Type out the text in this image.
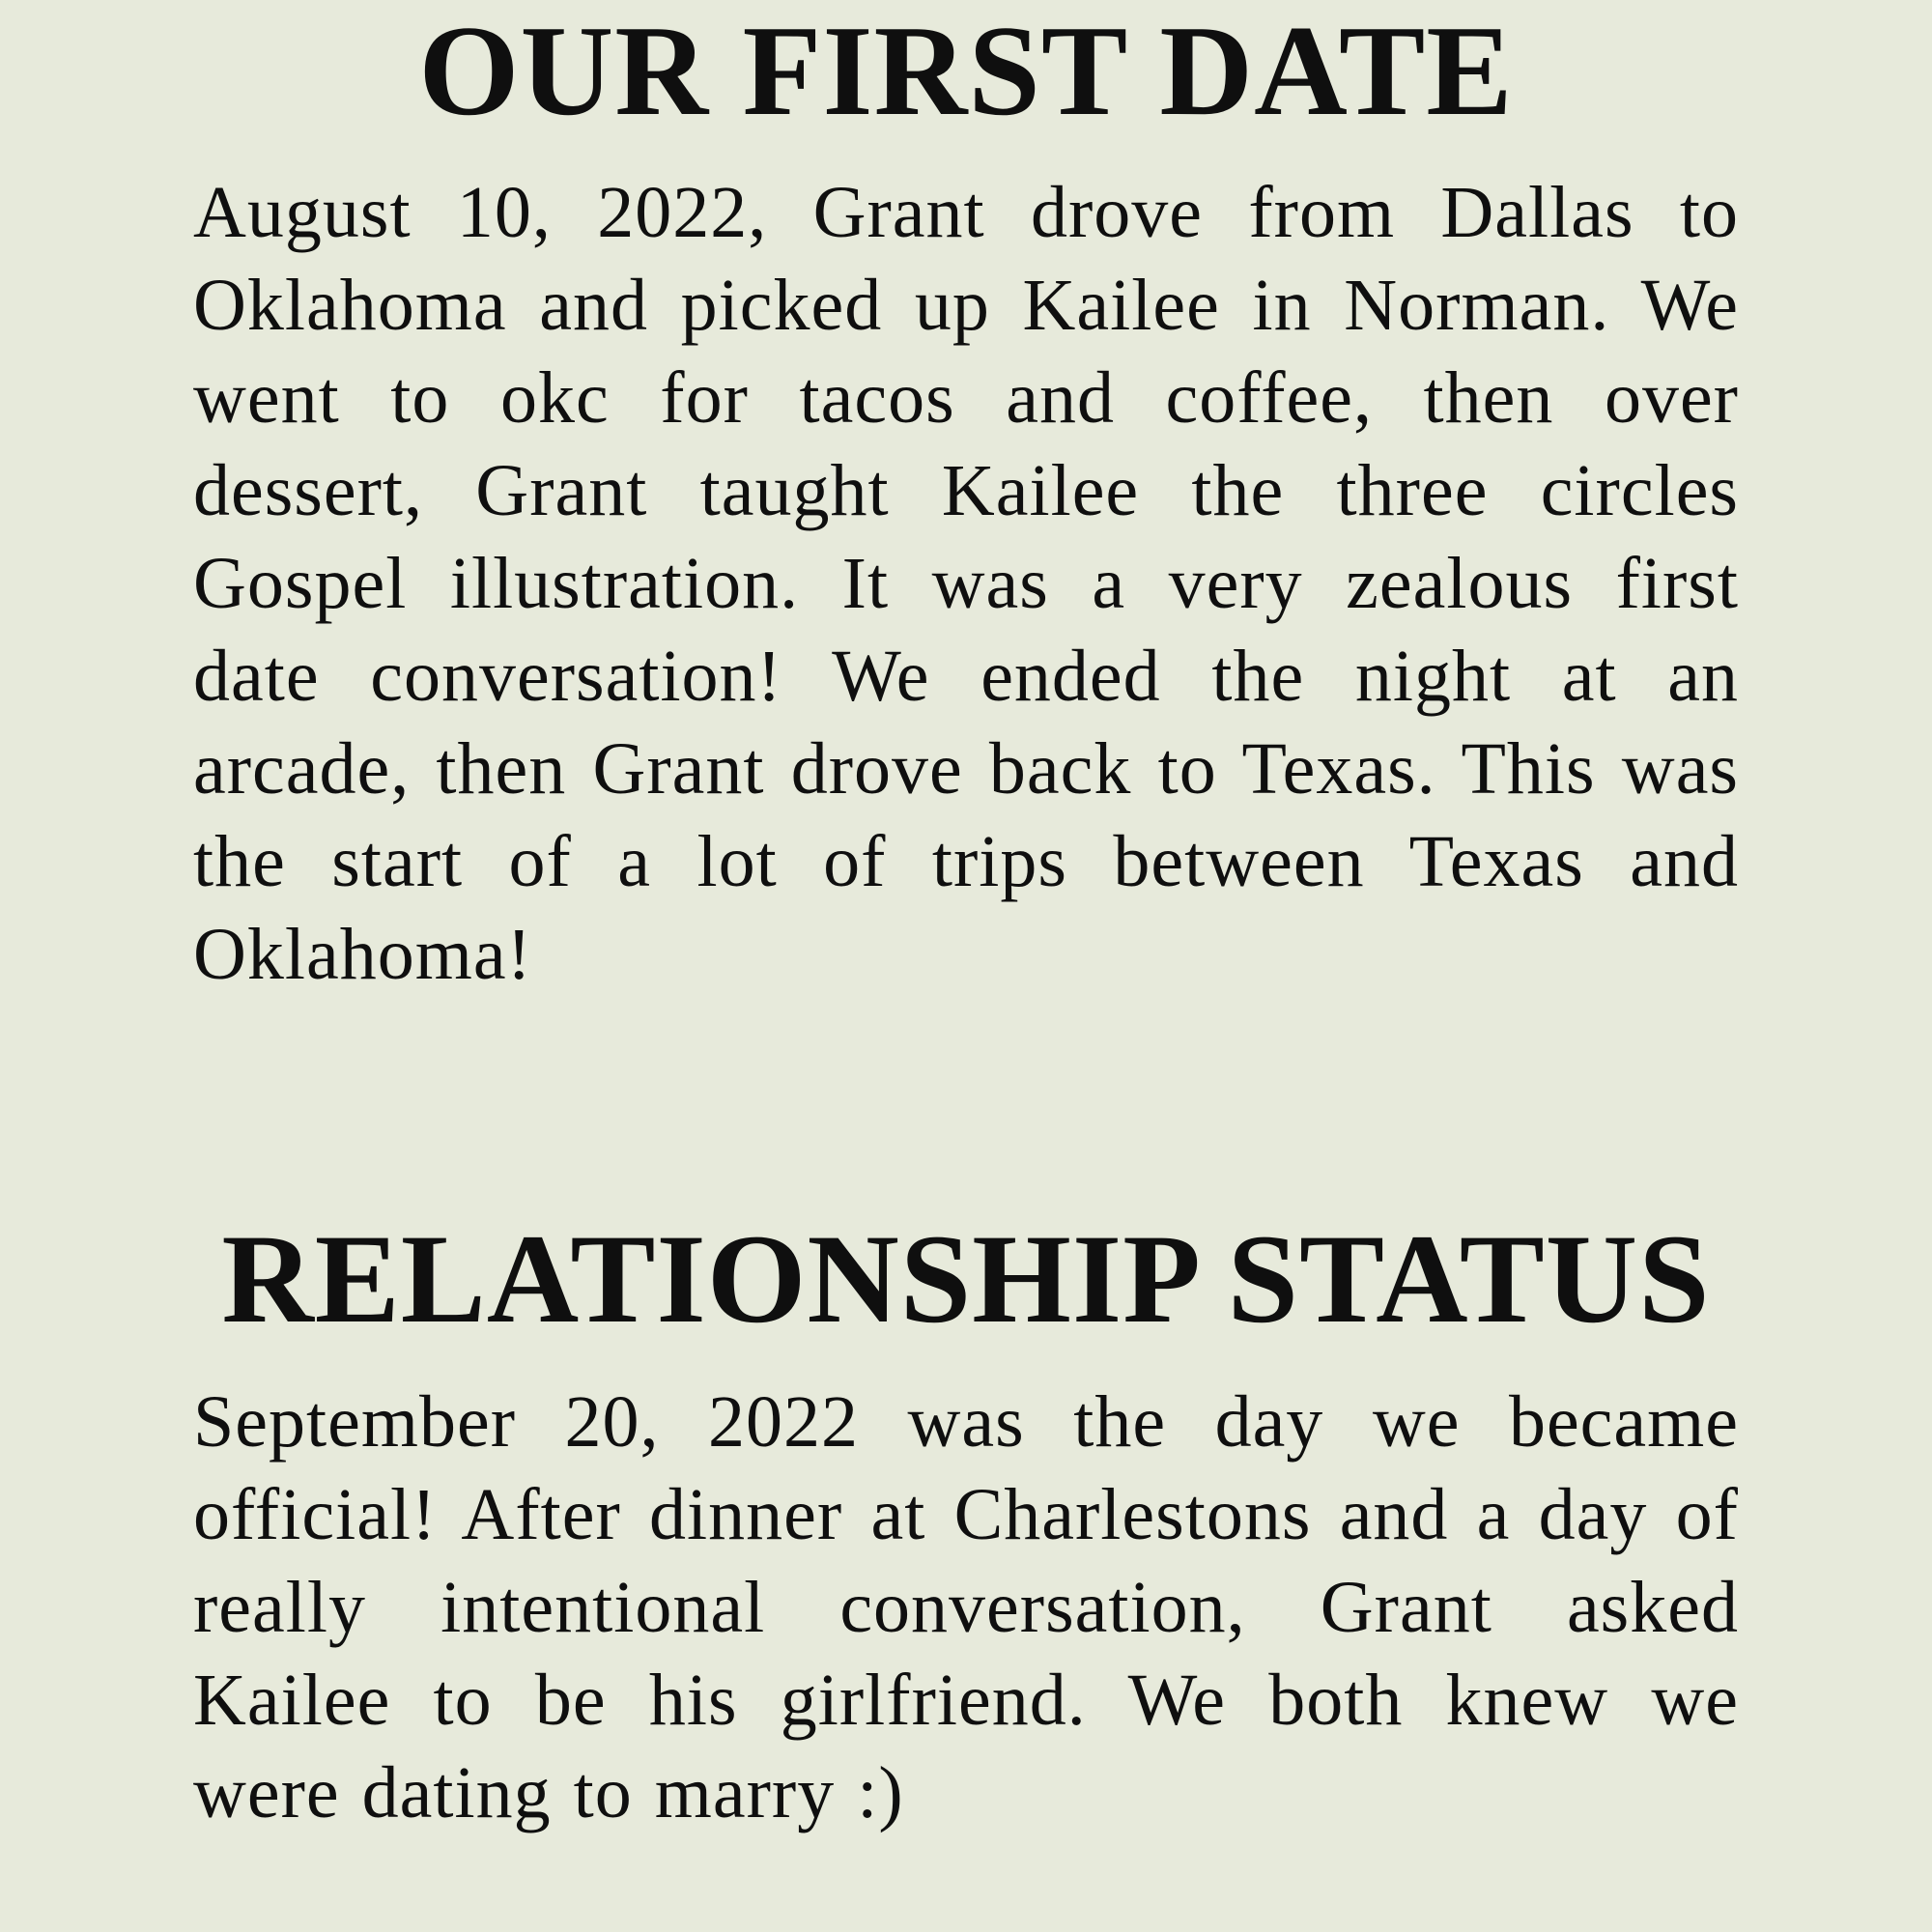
OUR FIRST DATE

August 10, 2022, Grant drove from Dallas to Oklahoma and picked up Kailee in Norman. We went to okc for tacos and coffee, then over dessert, Grant taught Kailee the three circles Gospel illustration. It was a very zealous first date conversation! We ended the night at an arcade, then Grant drove back to Texas. This was the start of a lot of trips between Texas and Oklahoma!

RELATIONSHIP STATUS

September 20, 2022 was the day we became official! After dinner at Charlestons and a day of really intentional conversation, Grant asked Kailee to be his girlfriend. We both knew we were dating to marry :)
